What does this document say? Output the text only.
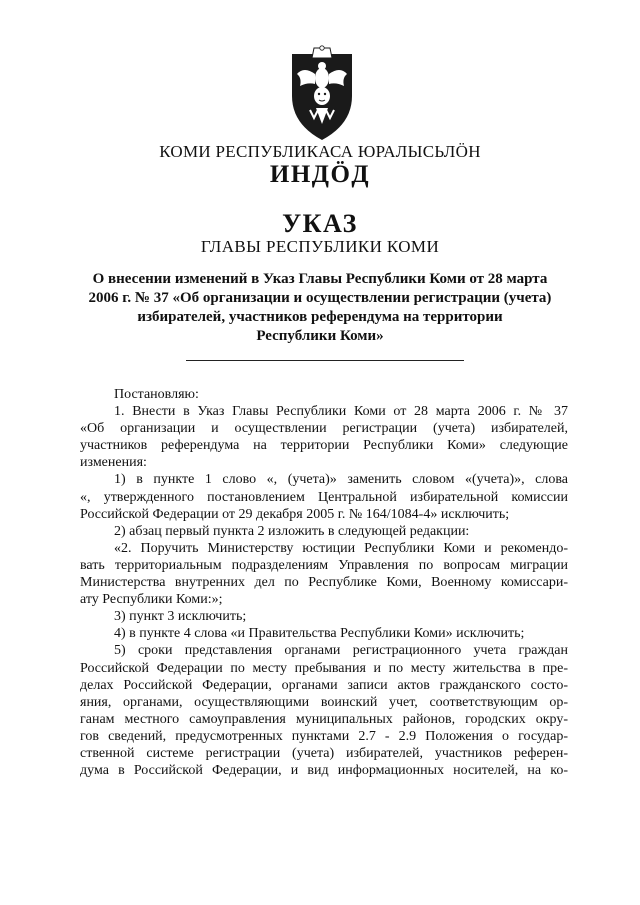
КОМИ РЕСПУБЛИКАСА ЮРАЛЫСЬЛÖН
ИНДÖД
УКАЗ
ГЛАВЫ РЕСПУБЛИКИ КОМИ
О внесении изменений в Указ Главы Республики Коми от 28 марта
2006 г. № 37 «Об организации и осуществлении регистрации (учета)
избирателей, участников референдума на территории
Республики Коми»
Постановляю:
1. Внести в Указ Главы Республики Коми от 28 марта 2006 г. № 37
«Об организации и осуществлении регистрации (учета) избирателей,
участников референдума на территории Республики Коми» следующие
изменения:
1) в пункте 1 слово «, (учета)» заменить словом «(учета)», слова
«, утвержденного постановлением Центральной избирательной комиссии
Российской Федерации от 29 декабря 2005 г. № 164/1084-4» исключить;
2) абзац первый пункта 2 изложить в следующей редакции:
«2. Поручить Министерству юстиции Республики Коми и рекомендо-
вать территориальным подразделениям Управления по вопросам миграции
Министерства внутренних дел по Республике Коми, Военному комиссари-
ату Республики Коми:»;
3) пункт 3 исключить;
4) в пункте 4 слова «и Правительства Республики Коми» исключить;
5) сроки представления органами регистрационного учета граждан
Российской Федерации по месту пребывания и по месту жительства в пре-
делах Российской Федерации, органами записи актов гражданского состо-
яния, органами, осуществляющими воинский учет, соответствующим ор-
ганам местного самоуправления муниципальных районов, городских окру-
гов сведений, предусмотренных пунктами 2.7 - 2.9 Положения о государ-
ственной системе регистрации (учета) избирателей, участников референ-
дума в Российской Федерации, и вид информационных носителей, на ко-
